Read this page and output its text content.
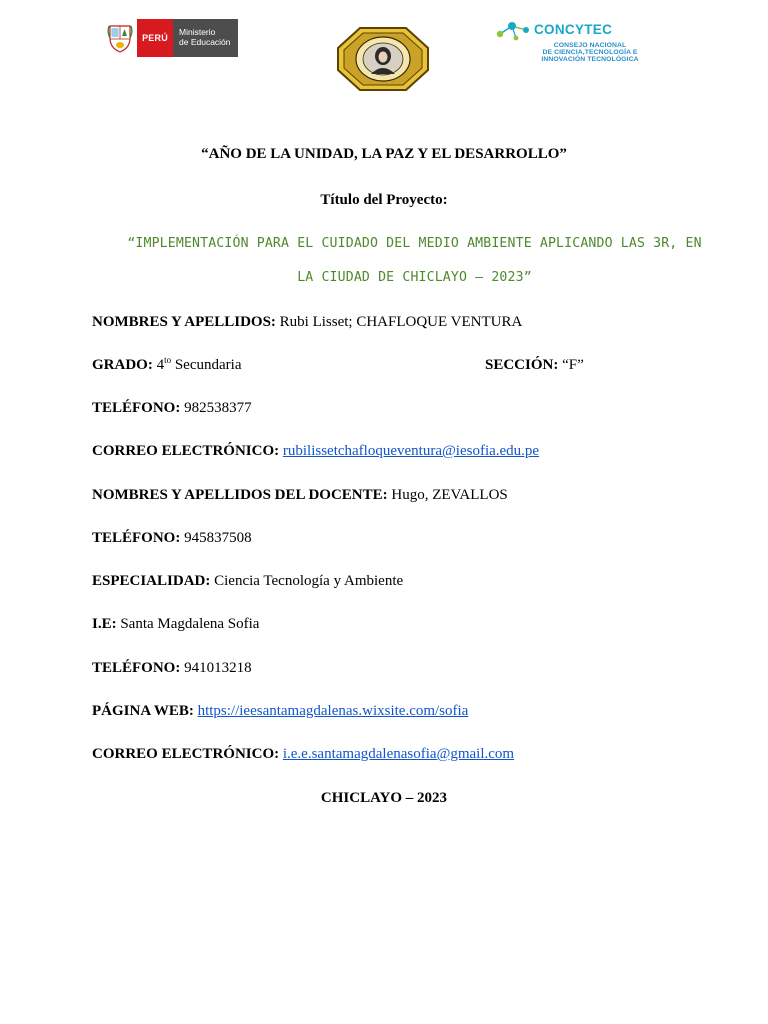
PERÚ
Ministerio
de Educación
CONCYTEC
CONSEJO NACIONAL
DE CIENCIA,TECNOLOGÍA E
INNOVACIÓN TECNOLÓGICA
“AÑO DE LA UNIDAD, LA PAZ Y EL DESARROLLO”
Título del Proyecto:
“IMPLEMENTACIÓN PARA EL CUIDADO DEL MEDIO AMBIENTE APLICANDO LAS 3R, EN
LA CIUDAD DE CHICLAYO – 2023”
NOMBRES Y APELLIDOS: Rubi Lisset; CHAFLOQUE VENTURA
GRADO: $4^{to}$ Secundaria	SECCIÓN: “F”
TELÉFONO: 982538377
CORREO ELECTRÓNICO: rubilissetchafloqueventura@iesofia.edu.pe
NOMBRES Y APELLIDOS DEL DOCENTE: Hugo, ZEVALLOS
TELÉFONO: 945837508
ESPECIALIDAD: Ciencia Tecnología y Ambiente
I.E: Santa Magdalena Sofia
TELÉFONO: 941013218
PÁGINA WEB: https://ieesantamagdalenas.wixsite.com/sofia
CORREO ELECTRÓNICO: i.e.e.santamagdalenasofia@gmail.com
CHICLAYO – 2023
